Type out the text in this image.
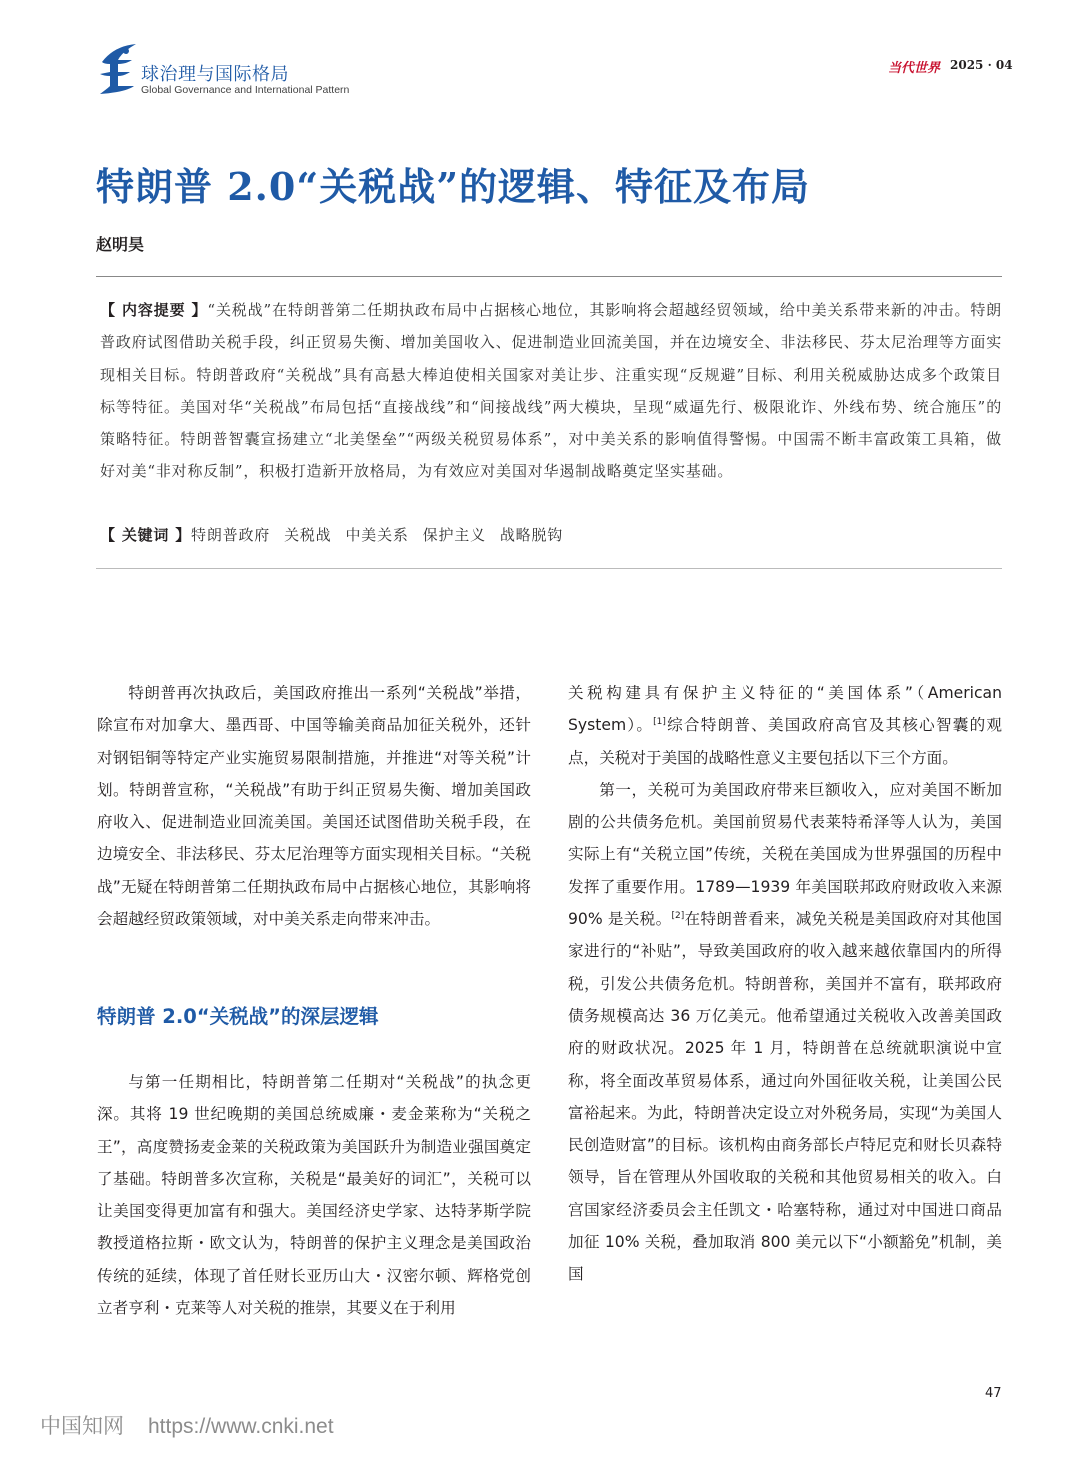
球治理与国际格局
Global Governance and International Pattern
当代世界 2025 · 04
特朗普 2.0“关税战”的逻辑、特征及布局
赵明昊
【 内容提要 】“关税战”在特朗普第二任期执政布局中占据核心地位，其影响将会超越经贸领域，给中美关系带来新的冲击。特朗普政府试图借助关税手段，纠正贸易失衡、增加美国收入、促进制造业回流美国，并在边境安全、非法移民、芬太尼治理等方面实现相关目标。特朗普政府“关税战”具有高悬大棒迫使相关国家对美让步、注重实现“反规避”目标、利用关税威胁达成多个政策目标等特征。美国对华“关税战”布局包括“直接战线”和“间接战线”两大模块，呈现“威逼先行、极限讹诈、外线布势、统合施压”的策略特征。特朗普智囊宣扬建立“北美堡垒”“两级关税贸易体系”，对中美关系的影响值得警惕。中国需不断丰富政策工具箱，做好对美“非对称反制”，积极打造新开放格局，为有效应对美国对华遏制战略奠定坚实基础。
【 关键词 】特朗普政府 关税战 中美关系 保护主义 战略脱钩

特朗普再次执政后，美国政府推出一系列“关税战”举措，除宣布对加拿大、墨西哥、中国等输美商品加征关税外，还针对钢铝铜等特定产业实施贸易限制措施，并推进“对等关税”计划。特朗普宣称，“关税战”有助于纠正贸易失衡、增加美国政府收入、促进制造业回流美国。美国还试图借助关税手段，在边境安全、非法移民、芬太尼治理等方面实现相关目标。“关税战”无疑在特朗普第二任期执政布局中占据核心地位，其影响将会超越经贸政策领域，对中美关系走向带来冲击。

特朗普 2.0“关税战”的深层逻辑

与第一任期相比，特朗普第二任期对“关税战”的执念更深。其将 19 世纪晚期的美国总统威廉・麦金莱称为“关税之王”，高度赞扬麦金莱的关税政策为美国跃升为制造业强国奠定了基础。特朗普多次宣称，关税是“最美好的词汇”，关税可以让美国变得更加富有和强大。美国经济史学家、达特茅斯学院教授道格拉斯・欧文认为，特朗普的保护主义理念是美国政治传统的延续，体现了首任财长亚历山大・汉密尔顿、辉格党创立者亨利・克莱等人对关税的推崇，其要义在于利用

关税构建具有保护主义特征的“美国体系”（American System）。[1]综合特朗普、美国政府高官及其核心智囊的观点，关税对于美国的战略性意义主要包括以下三个方面。

第一，关税可为美国政府带来巨额收入，应对美国不断加剧的公共债务危机。美国前贸易代表莱特希泽等人认为，美国实际上有“关税立国”传统，关税在美国成为世界强国的历程中发挥了重要作用。1789—1939 年美国联邦政府财政收入来源 90% 是关税。[2]在特朗普看来，减免关税是美国政府对其他国家进行的“补贴”，导致美国政府的收入越来越依靠国内的所得税，引发公共债务危机。特朗普称，美国并不富有，联邦政府债务规模高达 36 万亿美元。他希望通过关税收入改善美国政府的财政状况。2025 年 1 月，特朗普在总统就职演说中宣称，将全面改革贸易体系，通过向外国征收关税，让美国公民富裕起来。为此，特朗普决定设立对外税务局，实现“为美国人民创造财富”的目标。该机构由商务部长卢特尼克和财长贝森特领导，旨在管理从外国收取的关税和其他贸易相关的收入。白宫国家经济委员会主任凯文・哈塞特称，通过对中国进口商品加征 10% 关税，叠加取消 800 美元以下“小额豁免”机制，美国

47
中国知网 https://www.cnki.net
